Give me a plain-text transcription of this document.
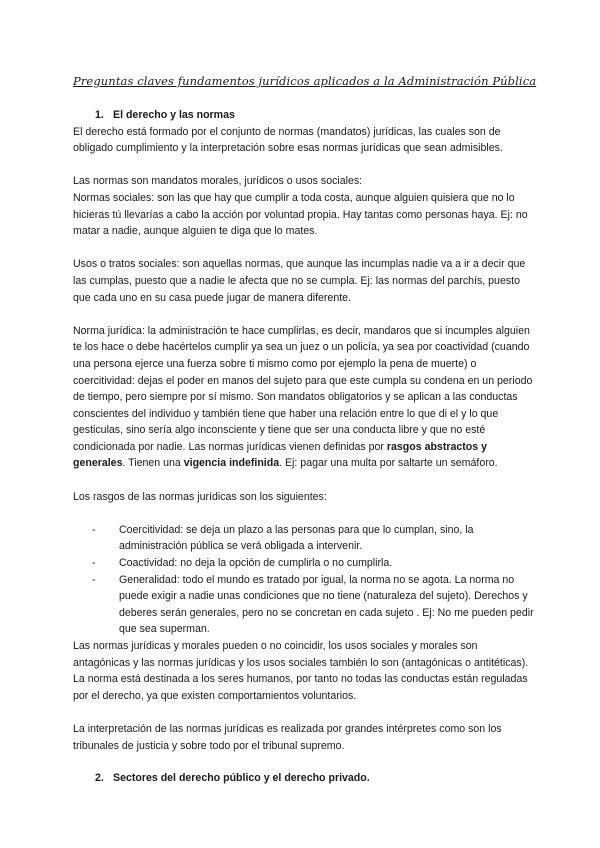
Preguntas claves fundamentos jurídicos aplicados a la Administración Pública
1. El derecho y las normas

El derecho está formado por el conjunto de normas (mandatos) jurídicas, las cuales son de obligado cumplimiento y la interpretación sobre esas normas jurídicas que sean admisibles.

Las normas son mandatos morales, jurídicos o usos sociales:

Normas sociales: son las que hay que cumplir a toda costa, aunque alguien quisiera que no lo hicieras tú llevarías a cabo la acción por voluntad propia. Hay tantas como personas haya. Ej: no matar a nadie, aunque alguien te diga que lo mates.

Usos o tratos sociales: son aquellas normas, que aunque las incumplas nadie va a ir a decir que las cumplas, puesto que a nadie le afecta que no se cumpla. Ej: las normas del parchís, puesto que cada uno en su casa puede jugar de manera diferente.

Norma jurídica: la administración te hace cumplirlas, es decir, mandaros que si incumples alguien te los hace o debe hacértelos cumplir ya sea un juez o un policía, ya sea por coactividad (cuando una persona ejerce una fuerza sobre ti mismo como por ejemplo la pena de muerte) o coercitividad: dejas el poder en manos del sujeto para que este cumpla su condena en un periodo de tiempo, pero siempre por sí mismo. Son mandatos obligatorios y se aplican a las conductas conscientes del individuo y también tiene que haber una relación entre lo que di el y lo que gesticulas, sino sería algo inconsciente y tiene que ser una conducta libre y que no esté condicionada por nadie. Las normas jurídicas vienen definidas por rasgos abstractos y generales. Tienen una vigencia indefinida. Ej: pagar una multa por saltarte un semáforo.

Los rasgos de las normas jurídicas son los siguientes:

- Coercitividad: se deja un plazo a las personas para que lo cumplan, sino, la administración pública se verá obligada a intervenir.
- Coactividad: no deja la opción de cumplirla o no cumplirla.
- Generalidad: todo el mundo es tratado por igual, la norma no se agota. La norma no puede exigir a nadie unas condiciones que no tiene (naturaleza del sujeto). Derechos y deberes serán generales, pero no se concretan en cada sujeto . Ej: No me pueden pedir que sea superman.

Las normas jurídicas y morales pueden o no coincidir, los usos sociales y morales son antagónicas y las normas jurídicas y los usos sociales también lo son (antagónicas o antitéticas). La norma está destinada a los seres humanos, por tanto no todas las conductas están reguladas por el derecho, ya que existen comportamientos voluntarios.

La interpretación de las normas jurídicas es realizada por grandes intérpretes como son los tribunales de justicia y sobre todo por el tribunal supremo.

2. Sectores del derecho público y el derecho privado.
